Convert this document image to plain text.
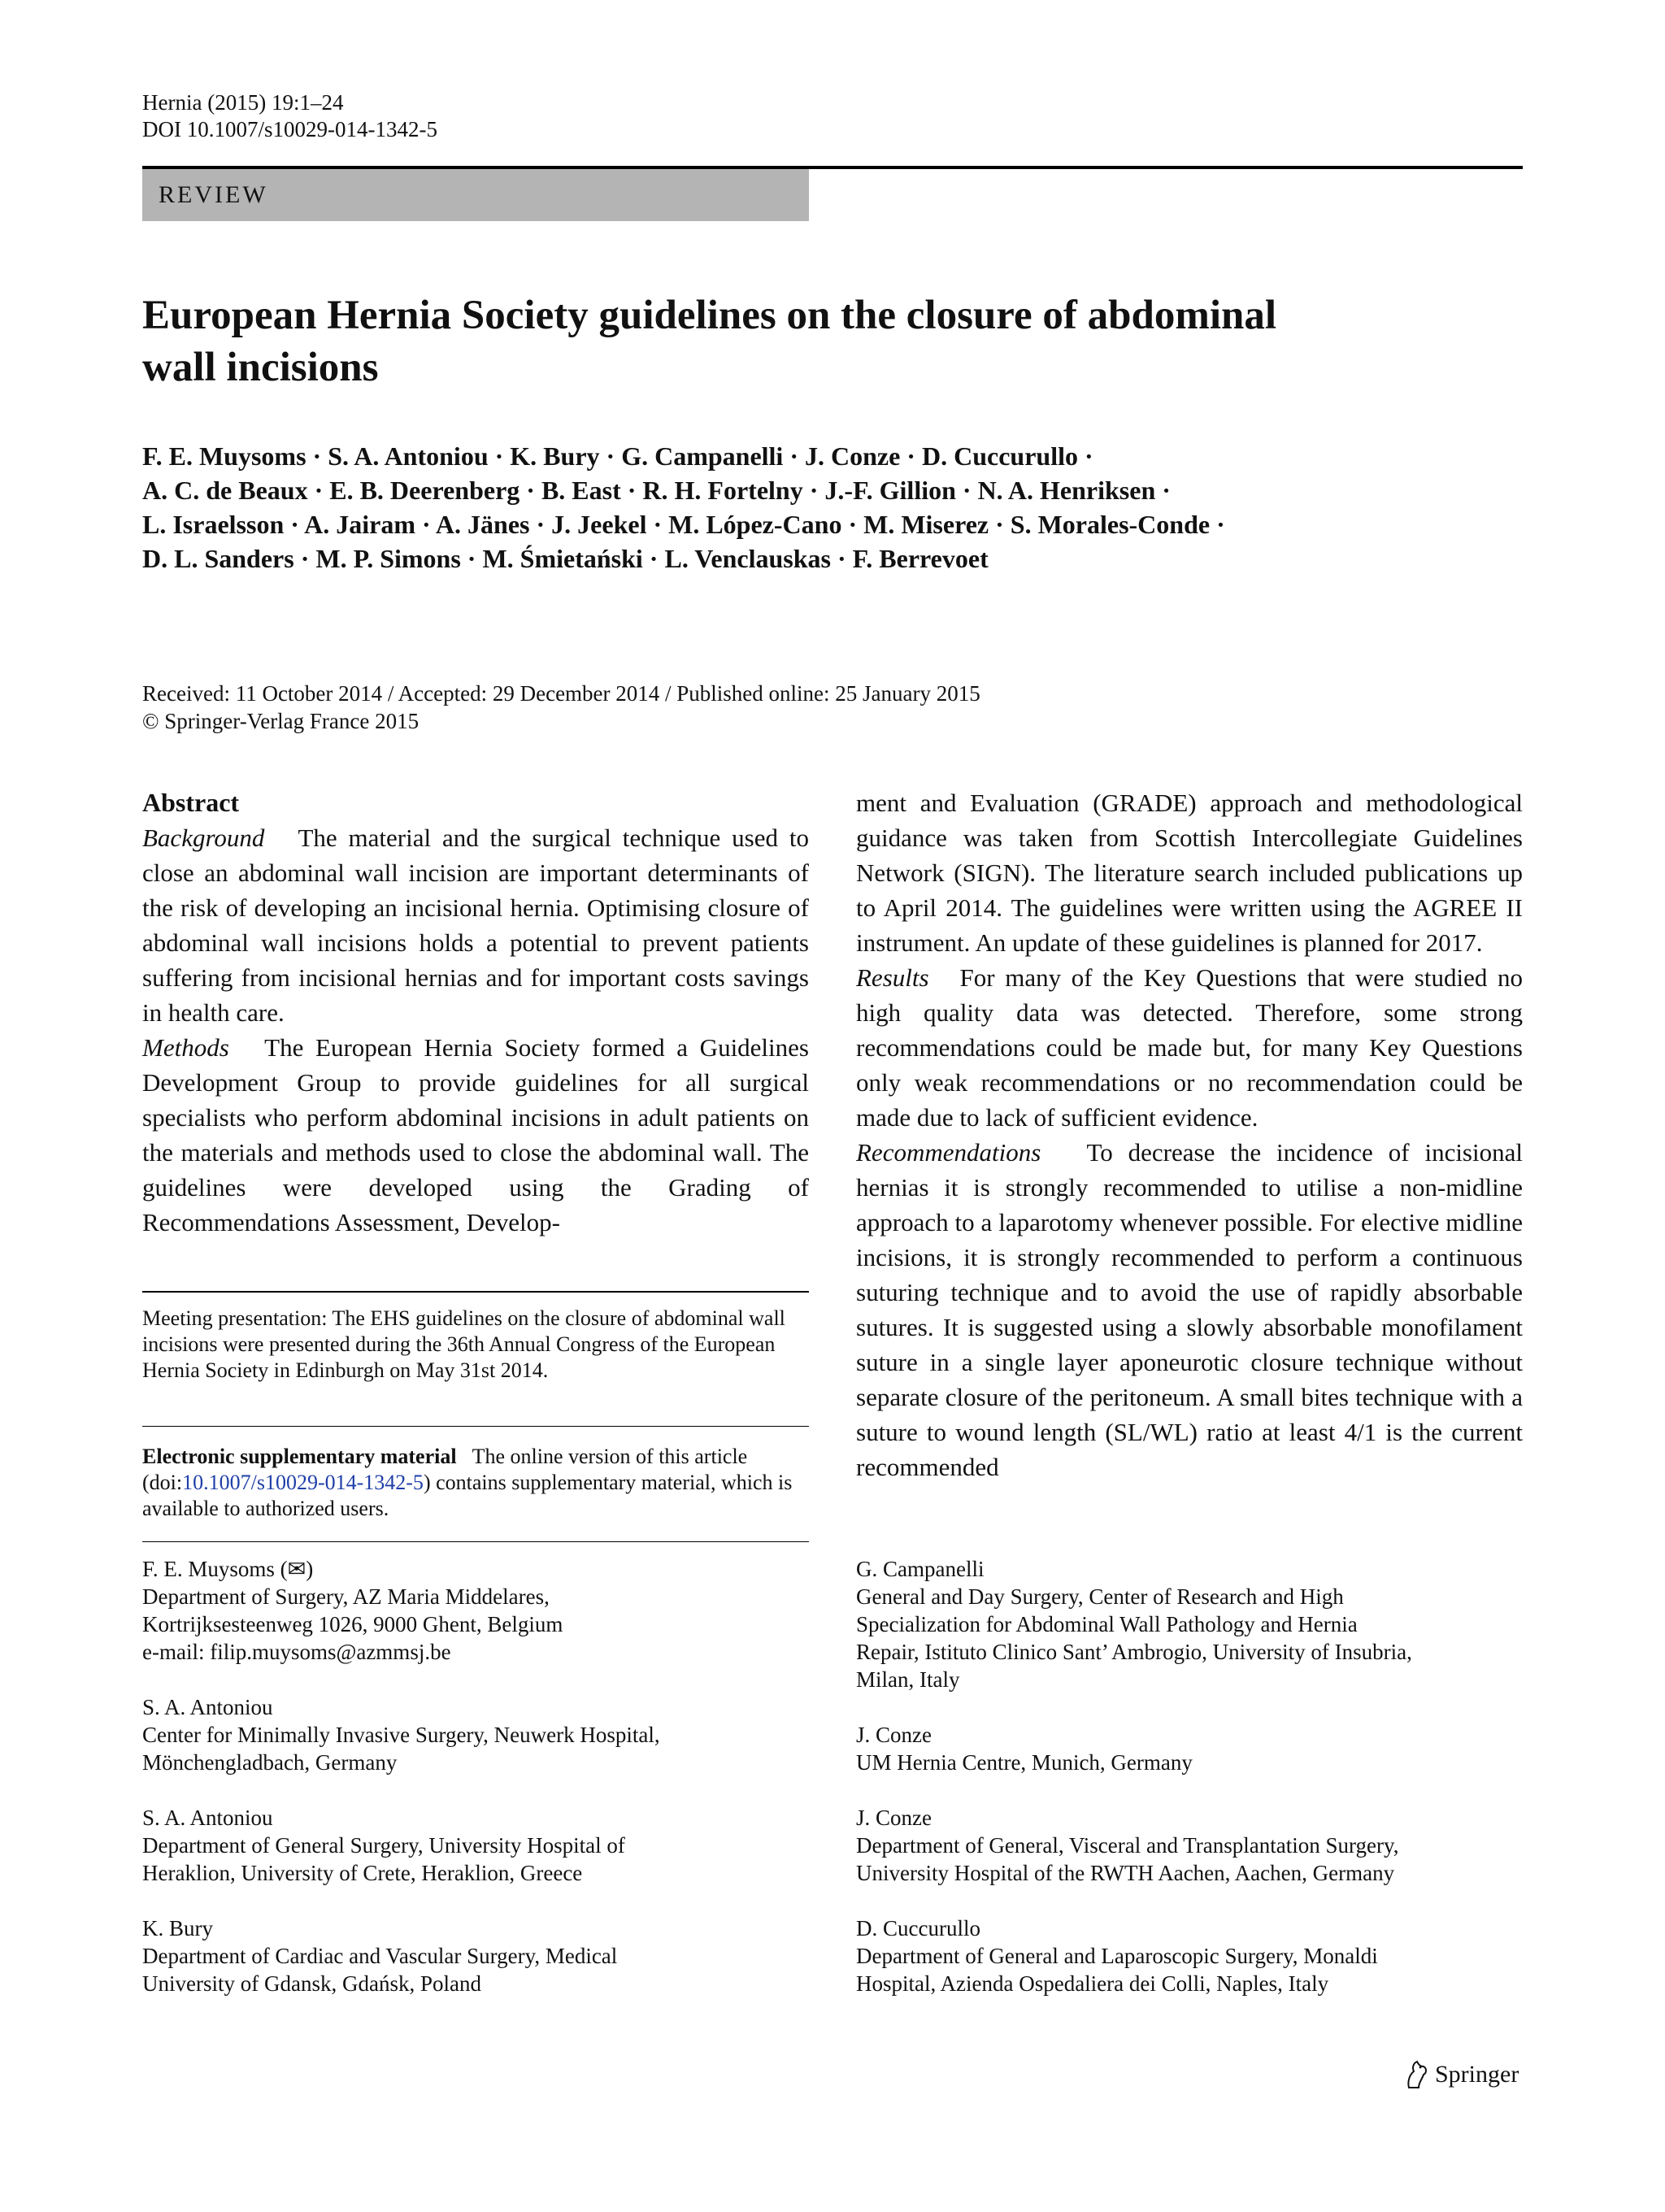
Hernia (2015) 19:1–24
DOI 10.1007/s10029-014-1342-5
REVIEW
European Hernia Society guidelines on the closure of abdominal
wall incisions

F. E. Muysoms · S. A. Antoniou · K. Bury · G. Campanelli · J. Conze · D. Cuccurullo ·

A. C. de Beaux · E. B. Deerenberg · B. East · R. H. Fortelny · J.-F. Gillion · N. A. Henriksen ·

L. Israelsson · A. Jairam · A. Jänes · J. Jeekel · M. López-Cano · M. Miserez · S. Morales-Conde ·

D. L. Sanders · M. P. Simons · M. Śmietański · L. Venclauskas · F. Berrevoet

Received: 11 October 2014 / Accepted: 29 December 2014 / Published online: 25 January 2015
© Springer-Verlag France 2015

Abstract

Background The material and the surgical technique used to close an abdominal wall incision are important determinants of the risk of developing an incisional hernia. Optimising closure of abdominal wall incisions holds a potential to prevent patients suffering from incisional hernias and for important costs savings in health care.

Methods The European Hernia Society formed a Guidelines Development Group to provide guidelines for all surgical specialists who perform abdominal incisions in adult patients on the materials and methods used to close the abdominal wall. The guidelines were developed using the Grading of Recommendations Assessment, Develop-

Meeting presentation: The EHS guidelines on the closure of abdominal wall incisions were presented during the 36th Annual Congress of the European Hernia Society in Edinburgh on May 31st 2014.

Electronic supplementary material The online version of this article (doi:10.1007/s10029-014-1342-5) contains supplementary material, which is available to authorized users.

F. E. Muysoms (✉)

Department of Surgery, AZ Maria Middelares,

Kortrijksesteenweg 1026, 9000 Ghent, Belgium

e-mail: filip.muysoms@azmmsj.be

S. A. Antoniou

Center for Minimally Invasive Surgery, Neuwerk Hospital,

Mönchengladbach, Germany

S. A. Antoniou

Department of General Surgery, University Hospital of

Heraklion, University of Crete, Heraklion, Greece

K. Bury

Department of Cardiac and Vascular Surgery, Medical

University of Gdansk, Gdańsk, Poland

ment and Evaluation (GRADE) approach and methodological guidance was taken from Scottish Intercollegiate Guidelines Network (SIGN). The literature search included publications up to April 2014. The guidelines were written using the AGREE II instrument. An update of these guidelines is planned for 2017.

Results For many of the Key Questions that were studied no high quality data was detected. Therefore, some strong recommendations could be made but, for many Key Questions only weak recommendations or no recommendation could be made due to lack of sufficient evidence.

Recommendations To decrease the incidence of incisional hernias it is strongly recommended to utilise a non-midline approach to a laparotomy whenever possible. For elective midline incisions, it is strongly recommended to perform a continuous suturing technique and to avoid the use of rapidly absorbable sutures. It is suggested using a slowly absorbable monofilament suture in a single layer aponeurotic closure technique without separate closure of the peritoneum. A small bites technique with a suture to wound length (SL/WL) ratio at least 4/1 is the current recommended

G. Campanelli

General and Day Surgery, Center of Research and High

Specialization for Abdominal Wall Pathology and Hernia

Repair, Istituto Clinico Sant’ Ambrogio, University of Insubria,

Milan, Italy

J. Conze

UM Hernia Centre, Munich, Germany

J. Conze

Department of General, Visceral and Transplantation Surgery,

University Hospital of the RWTH Aachen, Aachen, Germany

D. Cuccurullo

Department of General and Laparoscopic Surgery, Monaldi

Hospital, Azienda Ospedaliera dei Colli, Naples, Italy

Springer
